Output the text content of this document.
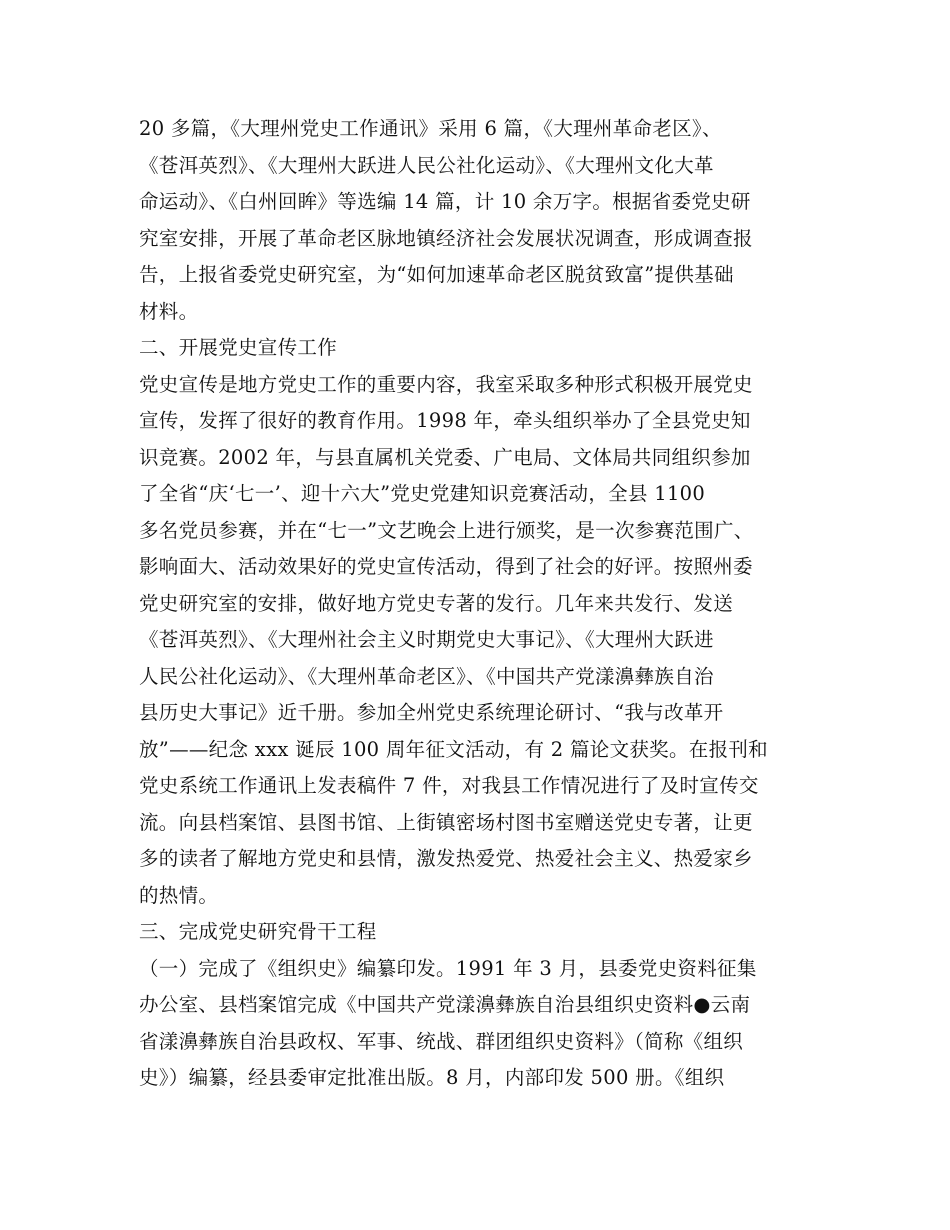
20 多篇，《大理州党史工作通讯》采用 6 篇，《大理州革命老区》、
《苍洱英烈》、《大理州大跃进人民公社化运动》、《大理州文化大革
命运动》、《白州回眸》等选编 14 篇，计 10 余万字。根据省委党史研
究室安排，开展了革命老区脉地镇经济社会发展状况调查，形成调查报
告，上报省委党史研究室，为“如何加速革命老区脱贫致富”提供基础
材料。
二、开展党史宣传工作
党史宣传是地方党史工作的重要内容，我室采取多种形式积极开展党史
宣传，发挥了很好的教育作用。1998 年，牵头组织举办了全县党史知
识竞赛。2002 年，与县直属机关党委、广电局、文体局共同组织参加
了全省“庆‘七一’、迎十六大”党史党建知识竞赛活动，全县 1100
多名党员参赛，并在“七一”文艺晚会上进行颁奖，是一次参赛范围广、
影响面大、活动效果好的党史宣传活动，得到了社会的好评。按照州委
党史研究室的安排，做好地方党史专著的发行。几年来共发行、发送
《苍洱英烈》、《大理州社会主义时期党史大事记》、《大理州大跃进
人民公社化运动》、《大理州革命老区》、《中国共产党漾濞彝族自治
县历史大事记》近千册。参加全州党史系统理论研讨、“我与改革开
放”——纪念 xxx 诞辰 100 周年征文活动，有 2 篇论文获奖。在报刊和
党史系统工作通讯上发表稿件 7 件，对我县工作情况进行了及时宣传交
流。向县档案馆、县图书馆、上街镇密场村图书室赠送党史专著，让更
多的读者了解地方党史和县情，激发热爱党、热爱社会主义、热爱家乡
的热情。
三、完成党史研究骨干工程
（一）完成了《组织史》编纂印发。1991 年 3 月，县委党史资料征集
办公室、县档案馆完成《中国共产党漾濞彝族自治县组织史资料●云南
省漾濞彝族自治县政权、军事、统战、群团组织史资料》（简称《组织
史》）编纂，经县委审定批准出版。8 月，内部印发 500 册。《组织
